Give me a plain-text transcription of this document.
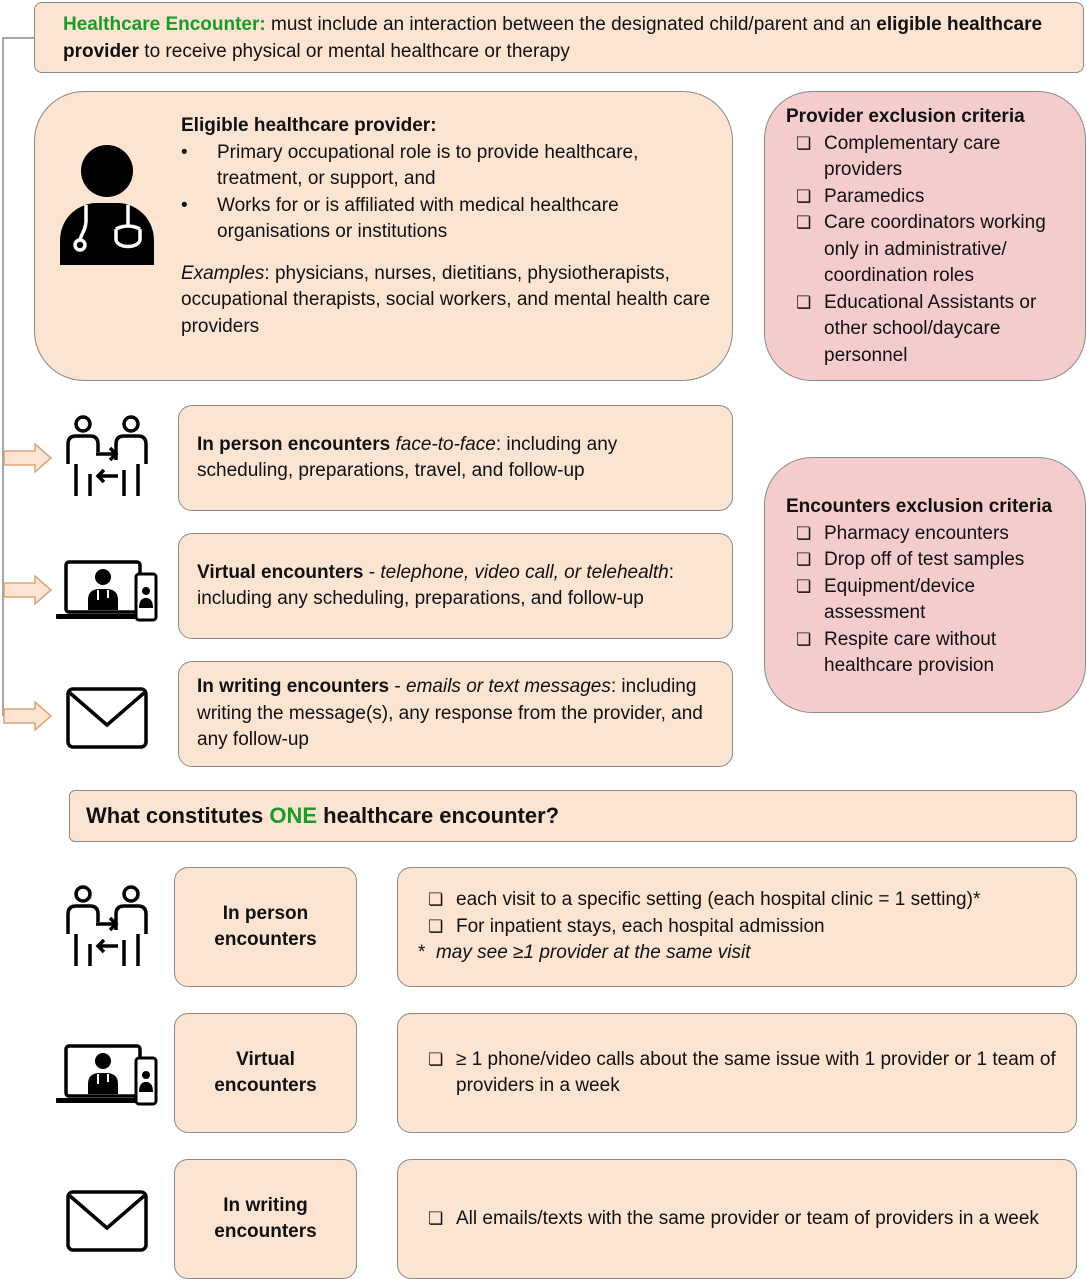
Healthcare Encounter: must include an interaction between the designated child/parent and an eligible healthcare provider to receive physical or mental healthcare or therapy
Eligible healthcare provider:
• Primary occupational role is to provide healthcare, treatment, or support, and
• Works for or is affiliated with medical healthcare organisations or institutions
Examples: physicians, nurses, dietitians, physiotherapists, occupational therapists, social workers, and mental health care providers
Provider exclusion criteria
❏ Complementary care providers
❏ Paramedics
❏ Care coordinators working only in administrative/ coordination roles
❏ Educational Assistants or other school/daycare personnel
In person encounters face-to-face: including any scheduling, preparations, travel, and follow-up
Virtual encounters - telephone, video call, or telehealth: including any scheduling, preparations, and follow-up
In writing encounters - emails or text messages: including writing the message(s), any response from the provider, and any follow-up
Encounters exclusion criteria
❏ Pharmacy encounters
❏ Drop off of test samples
❏ Equipment/device assessment
❏ Respite care without healthcare provision
What constitutes ONE healthcare encounter?
In person encounters
❏ each visit to a specific setting (each hospital clinic = 1 setting)*
❏ For inpatient stays, each hospital admission
* may see ≥1 provider at the same visit
Virtual encounters
❏ ≥ 1 phone/video calls about the same issue with 1 provider or 1 team of providers in a week
In writing encounters
❏ All emails/texts with the same provider or team of providers in a week
